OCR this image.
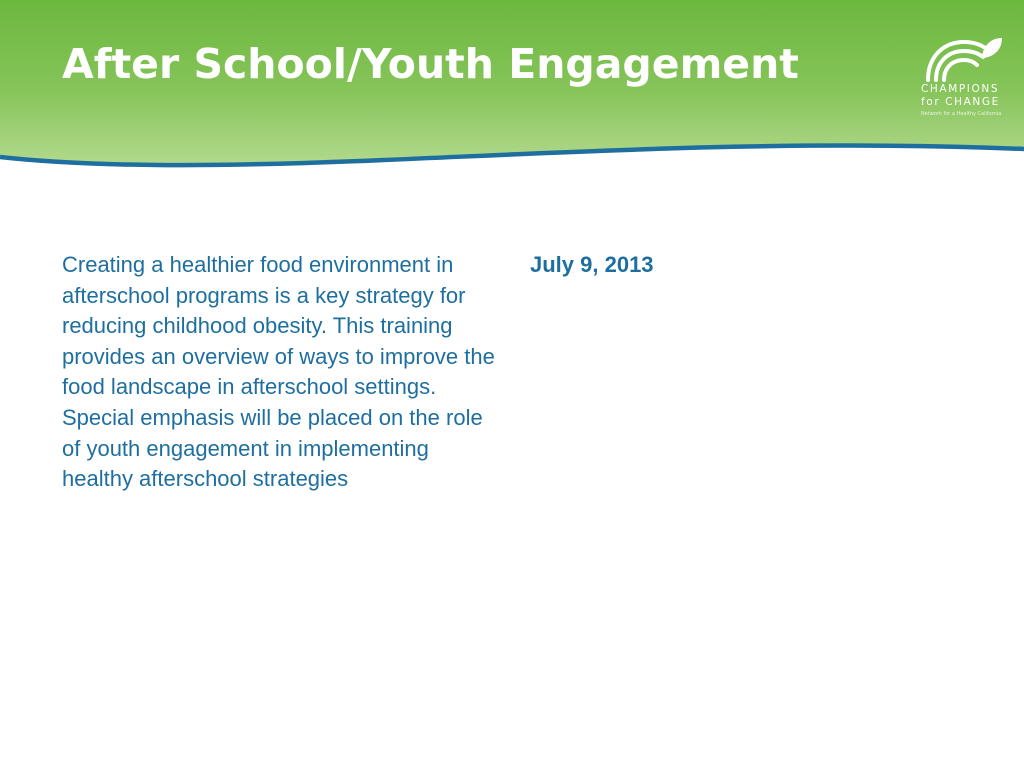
After School/Youth Engagement
CHAMPIONS
for CHANGE
Network for a Healthy California

Creating a healthier food environment in afterschool programs is a key strategy for reducing childhood obesity. This training provides an overview of ways to improve the food landscape in afterschool settings. Special emphasis will be placed on the role of youth engagement in implementing healthy afterschool strategies

July 9, 2013
